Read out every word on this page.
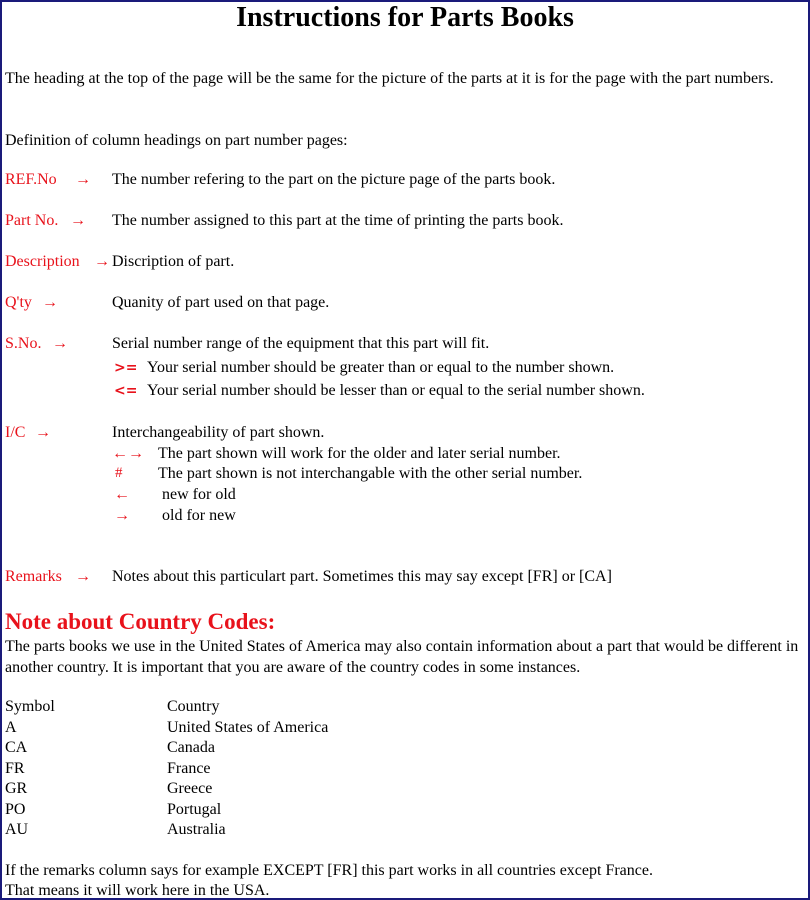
Instructions for Parts Books
The heading at the top of the page will be the same for the picture of the parts at it is for the page with the part numbers.
Definition of column headings on part number pages:
REF.No → The number refering to the part on the picture page of the parts book.
Part No. → The number assigned to this part at the time of printing the parts book.
Description → Discription of part.
Q'ty →	Quanity of part used on that page.
S.No. →	Serial number range of the equipment that this part will fit.
>= Your serial number should be greater than or equal to the number shown.
<= Your serial number should be lesser than or equal to the serial number shown.
I/C →	Interchangeability of part shown.
←→ The part shown will work for the older and later serial number.
# The part shown is not interchangable with the other serial number.
← new for old
→ old for new
Remarks → Notes about this particulart part. Sometimes this may say except [FR] or [CA]
Note about Country Codes:
The parts books we use in the United States of America may also contain information about a part that would be different in another country. It is important that you are aware of the country codes in some instances.
Symbol	Country
A	United States of America
CA	Canada
FR	France
GR	Greece
PO	Portugal
AU	Australia
If the remarks column says for example EXCEPT [FR] this part works in all countries except France.
That means it will work here in the USA.
